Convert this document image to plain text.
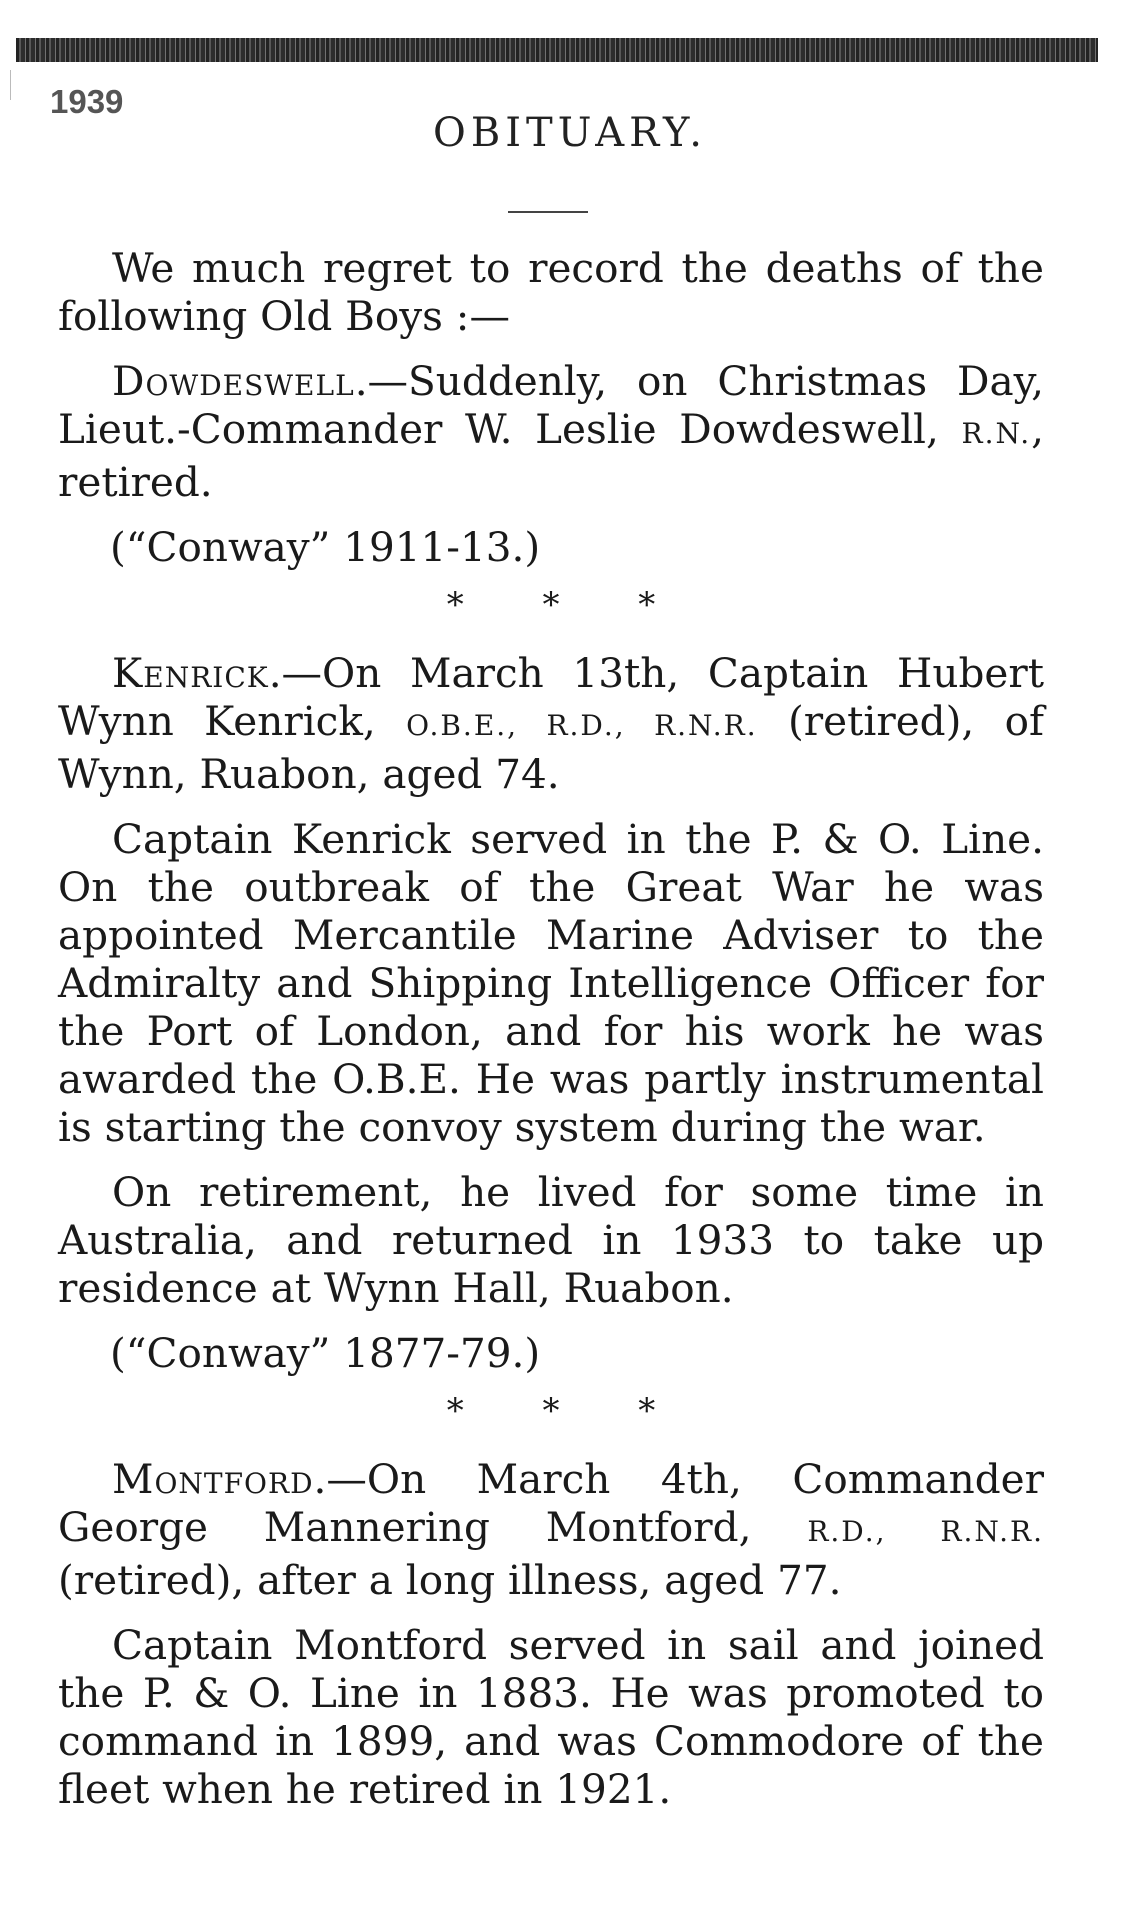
1939
OBITUARY.

We much regret to record the deaths of the following Old Boys :—

Dowdeswell.—Suddenly, on Christmas Day, Lieut.-Commander W. Leslie Dowdeswell, R.N., retired.

(“Conway” 1911-13.)

* * *

Kenrick.—On March 13th, Captain Hubert Wynn Kenrick, O.B.E., R.D., R.N.R. (retired), of Wynn, Ruabon, aged 74.

Captain Kenrick served in the P. & O. Line. On the outbreak of the Great War he was appointed Mercantile Marine Adviser to the Admiralty and Shipping Intelligence Officer for the Port of London, and for his work he was awarded the O.B.E. He was partly instrumental is starting the convoy system during the war.

On retirement, he lived for some time in Australia, and returned in 1933 to take up residence at Wynn Hall, Ruabon.

(“Conway” 1877-79.)

* * *

Montford.—On March 4th, Commander George Mannering Montford, R.D., R.N.R. (retired), after a long illness, aged 77.

Captain Montford served in sail and joined the P. & O. Line in 1883. He was promoted to command in 1899, and was Commodore of the fleet when he retired in 1921.
